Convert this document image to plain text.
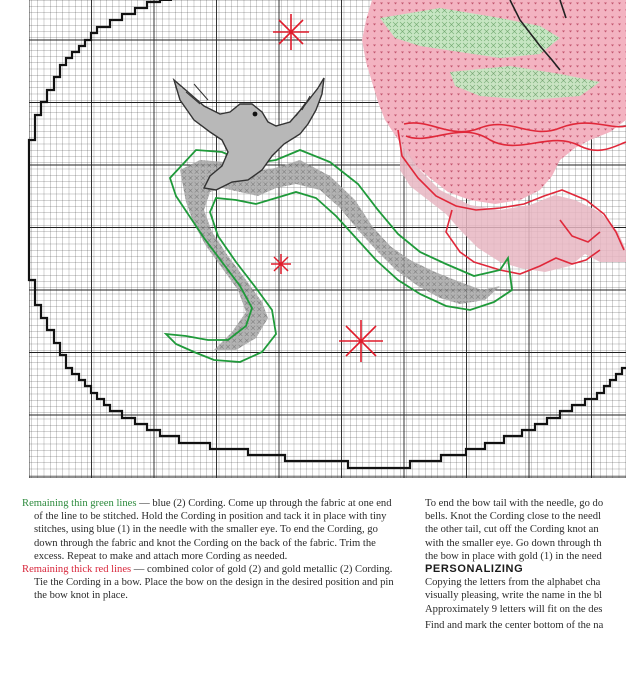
Remaining thin green lines — blue (2) Cording. Come up through the fabric at one end of the line to be stitched. Hold the Cording in position and tack it in place with tiny stitches, using blue (1) in the needle with the smaller eye. To end the Cording, go down through the fabric and knot the Cording on the back of the fabric. Trim the excess. Repeat to make and attach more Cording as needed.

Remaining thick red lines — combined color of gold (2) and gold metallic (2) Cording. Tie the Cording in a bow. Place the bow on the design in the desired position and pin the bow knot in place.

To end the bow tail with the needle, go do

bells. Knot the Cording close to the needl

the other tail, cut off the Cording knot an

with the smaller eye. Go down through th

the bow in place with gold (1) in the need

PERSONALIZING

Copying the letters from the alphabet cha

visually pleasing, write the name in the bl

Approximately 9 letters will fit on the des

Find and mark the center bottom of the na
